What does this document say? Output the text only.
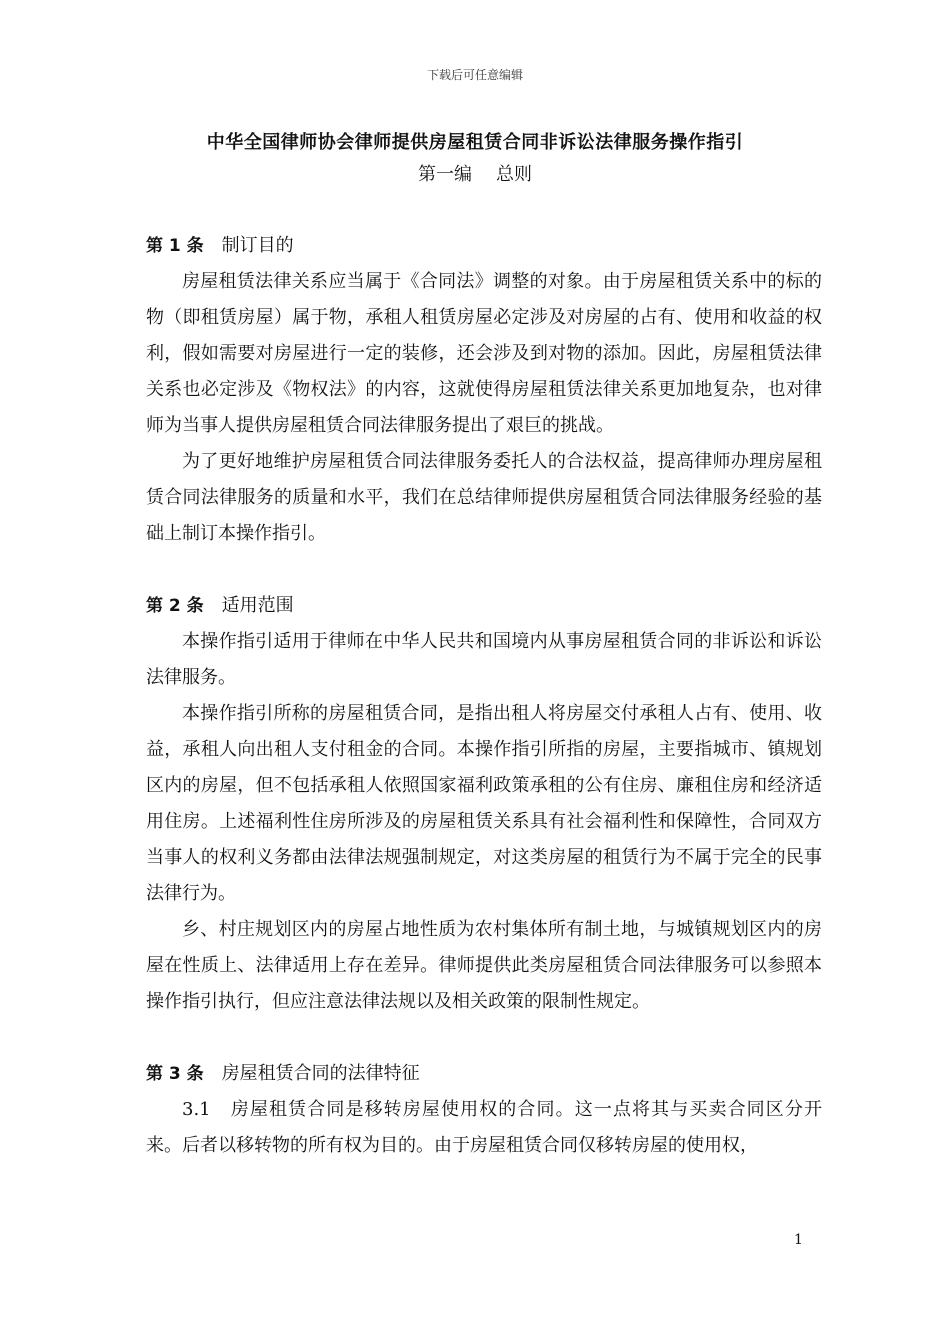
下载后可任意编辑
中华全国律师协会律师提供房屋租赁合同非诉讼法律服务操作指引
第一编 总则
第 1 条 制订目的

房屋租赁法律关系应当属于《合同法》调整的对象。由于房屋租赁关系中的标的物（即租赁房屋）属于物，承租人租赁房屋必定涉及对房屋的占有、使用和收益的权利，假如需要对房屋进行一定的装修，还会涉及到对物的添加。因此，房屋租赁法律关系也必定涉及《物权法》的内容，这就使得房屋租赁法律关系更加地复杂，也对律师为当事人提供房屋租赁合同法律服务提出了艰巨的挑战。

为了更好地维护房屋租赁合同法律服务委托人的合法权益，提高律师办理房屋租赁合同法律服务的质量和水平，我们在总结律师提供房屋租赁合同法律服务经验的基础上制订本操作指引。

第 2 条 适用范围

本操作指引适用于律师在中华人民共和国境内从事房屋租赁合同的非诉讼和诉讼法律服务。

本操作指引所称的房屋租赁合同，是指出租人将房屋交付承租人占有、使用、收益，承租人向出租人支付租金的合同。本操作指引所指的房屋，主要指城市、镇规划区内的房屋，但不包括承租人依照国家福利政策承租的公有住房、廉租住房和经济适用住房。上述福利性住房所涉及的房屋租赁关系具有社会福利性和保障性，合同双方当事人的权利义务都由法律法规强制规定，对这类房屋的租赁行为不属于完全的民事法律行为。

乡、村庄规划区内的房屋占地性质为农村集体所有制土地，与城镇规划区内的房屋在性质上、法律适用上存在差异。律师提供此类房屋租赁合同法律服务可以参照本操作指引执行，但应注意法律法规以及相关政策的限制性规定。

第 3 条 房屋租赁合同的法律特征

3.1　房屋租赁合同是移转房屋使用权的合同。这一点将其与买卖合同区分开来。后者以移转物的所有权为目的。由于房屋租赁合同仅移转房屋的使用权，

1
